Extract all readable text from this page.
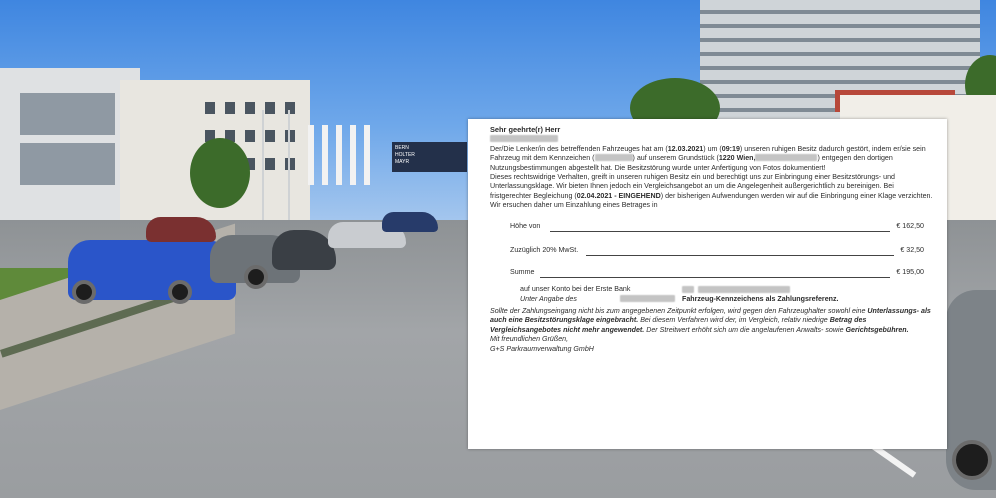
BERN HOLTER MAYR

Sehr geehrte(r) Herr

Der/Die Lenker/in des betreffenden Fahrzeuges hat am (12.03.2021) um (09:19) unseren ruhigen Besitz dadurch gestört, indem er/sie sein Fahrzeug mit dem Kennzeichen (	) auf unserem Grundstück (1220 Wien,	) entgegen den dortigen Nutzungsbestimmungen abgestellt hat. Die Besitzstörung wurde unter Anfertigung von Fotos dokumentiert!

Dieses rechtswidrige Verhalten, greift in unseren ruhigen Besitz ein und berechtigt uns zur Einbringung einer Besitzstörungs- und Unterlassungsklage. Wir bieten Ihnen jedoch ein Vergleichsangebot an um die Angelegenheit außergerichtlich zu bereinigen. Bei fristgerechter Begleichung (02.04.2021 - EINGEHEND) der bisherigen Aufwendungen werden wir auf die Einbringung einer Klage verzichten. Wir ersuchen daher um Einzahlung eines Betrages in

Höhe von	€ 162,50
Zuzüglich 20% MwSt.	€ 32,50
Summe	€ 195,00
auf unser Konto bei der Erste Bank
Unter Angabe des	Fahrzeug-Kennzeichens als Zahlungsreferenz.

Sollte der Zahlungseingang nicht bis zum angegebenen Zeitpunkt erfolgen, wird gegen den Fahrzeughalter sowohl eine Unterlassungs- als auch eine Besitzstörungsklage eingebracht. Bei diesem Verfahren wird der, im Vergleich, relativ niedrige Betrag des Vergleichsangebotes nicht mehr angewendet. Der Streitwert erhöht sich um die angelaufenen Anwalts- sowie Gerichtsgebühren.

Mit freundlichen Grüßen,

G+S Parkraumverwaltung GmbH
